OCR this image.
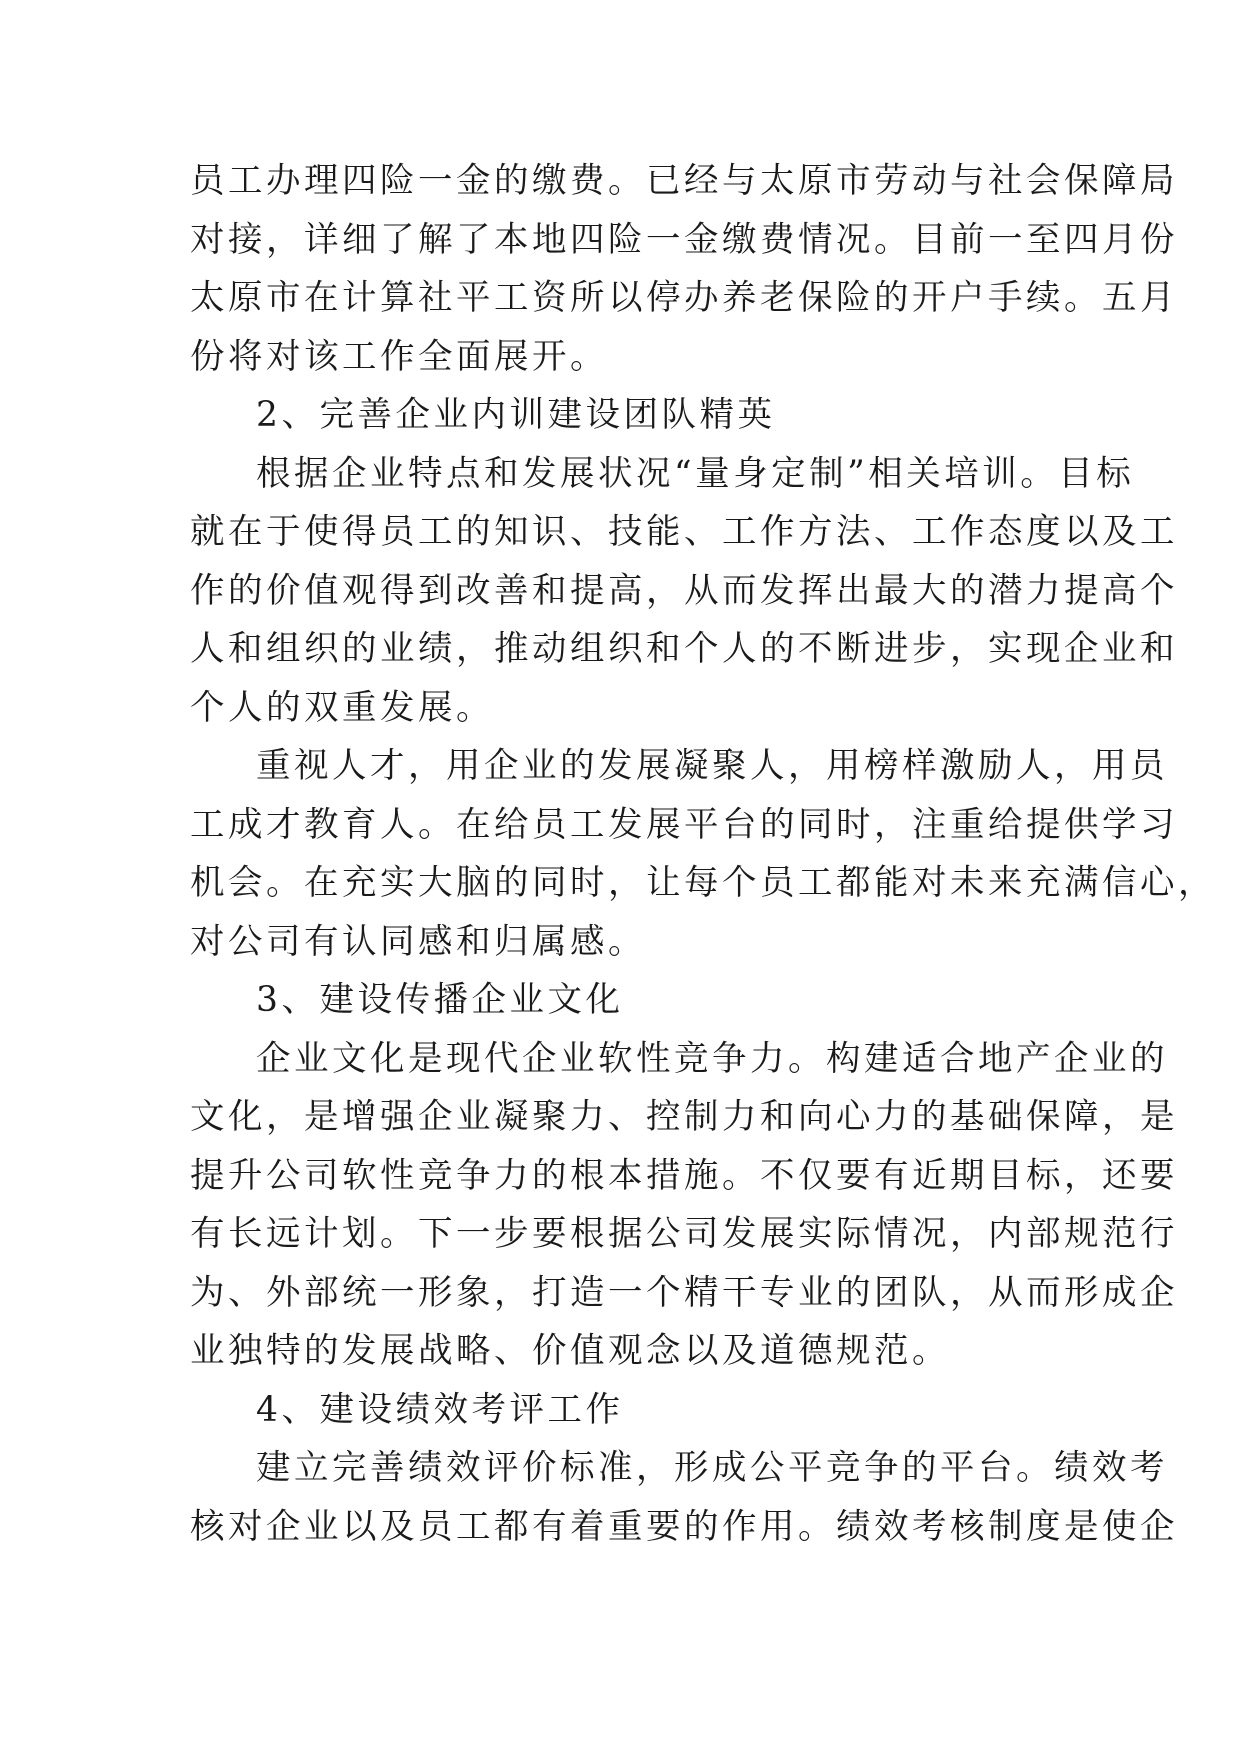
员工办理四险一金的缴费。已经与太原市劳动与社会保障局
对接，详细了解了本地四险一金缴费情况。目前一至四月份
太原市在计算社平工资所以停办养老保险的开户手续。五月
份将对该工作全面展开。
2、完善企业内训建设团队精英
根据企业特点和发展状况“量身定制”相关培训。目标
就在于使得员工的知识、技能、工作方法、工作态度以及工
作的价值观得到改善和提高，从而发挥出最大的潜力提高个
人和组织的业绩，推动组织和个人的不断进步，实现企业和
个人的双重发展。
重视人才，用企业的发展凝聚人，用榜样激励人，用员
工成才教育人。在给员工发展平台的同时，注重给提供学习
机会。在充实大脑的同时，让每个员工都能对未来充满信心，
对公司有认同感和归属感。
3、建设传播企业文化
企业文化是现代企业软性竞争力。构建适合地产企业的
文化，是增强企业凝聚力、控制力和向心力的基础保障，是
提升公司软性竞争力的根本措施。不仅要有近期目标，还要
有长远计划。下一步要根据公司发展实际情况，内部规范行
为、外部统一形象，打造一个精干专业的团队，从而形成企
业独特的发展战略、价值观念以及道德规范。
4、建设绩效考评工作
建立完善绩效评价标准，形成公平竞争的平台。绩效考
核对企业以及员工都有着重要的作用。绩效考核制度是使企
